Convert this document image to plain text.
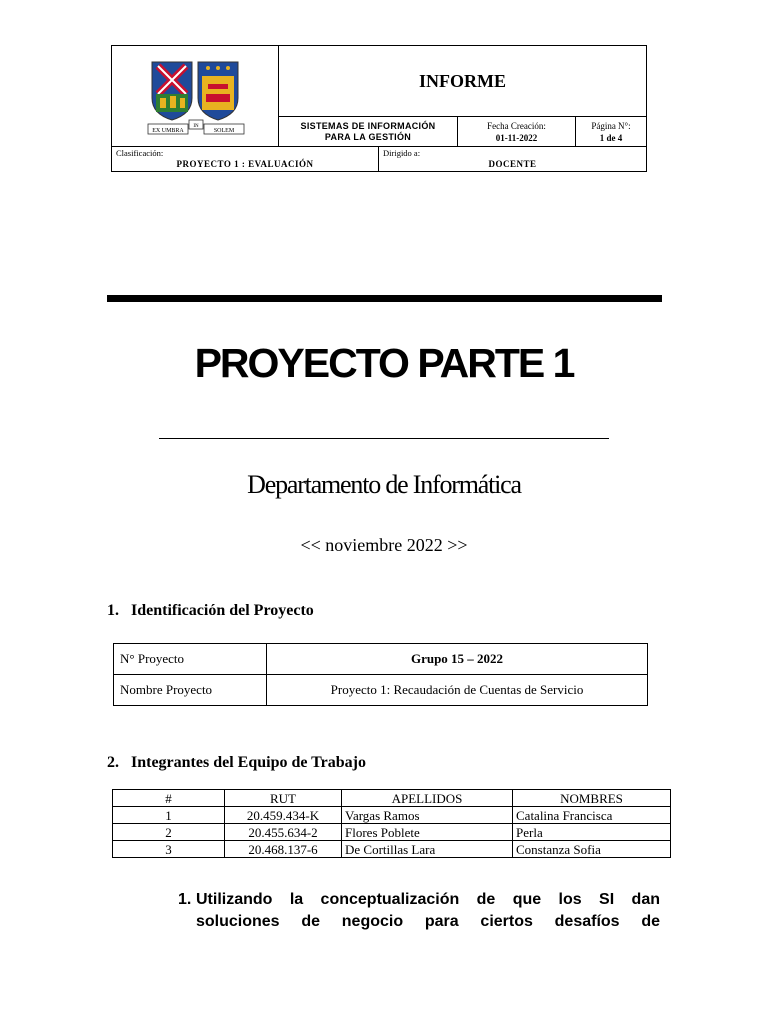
EX UMBRA
IN
SOLEM
INFORME
SISTEMAS DE INFORMACIÓN
PARA LA GESTIÓN
Fecha Creación:
01-11-2022
Página N°:
1 de 4
Clasificación:
PROYECTO 1 : EVALUACIÓN
Dirigido a:
DOCENTE
PROYECTO PARTE 1
Departamento de Informática
<< noviembre 2022 >>
1. Identificación del Proyecto
N° Proyecto	Grupo 15 – 2022
Nombre Proyecto	Proyecto 1: Recaudación de Cuentas de Servicio
2. Integrantes del Equipo de Trabajo
#	RUT	APELLIDOS	NOMBRES
1	20.459.434-K	Vargas Ramos	Catalina Francisca
2	20.455.634-2	Flores Poblete	Perla
3	20.468.137-6	De Cortillas Lara	Constanza Sofia
1. Utilizando la conceptualización de que los SI dan
soluciones de negocio para ciertos desafíos de
